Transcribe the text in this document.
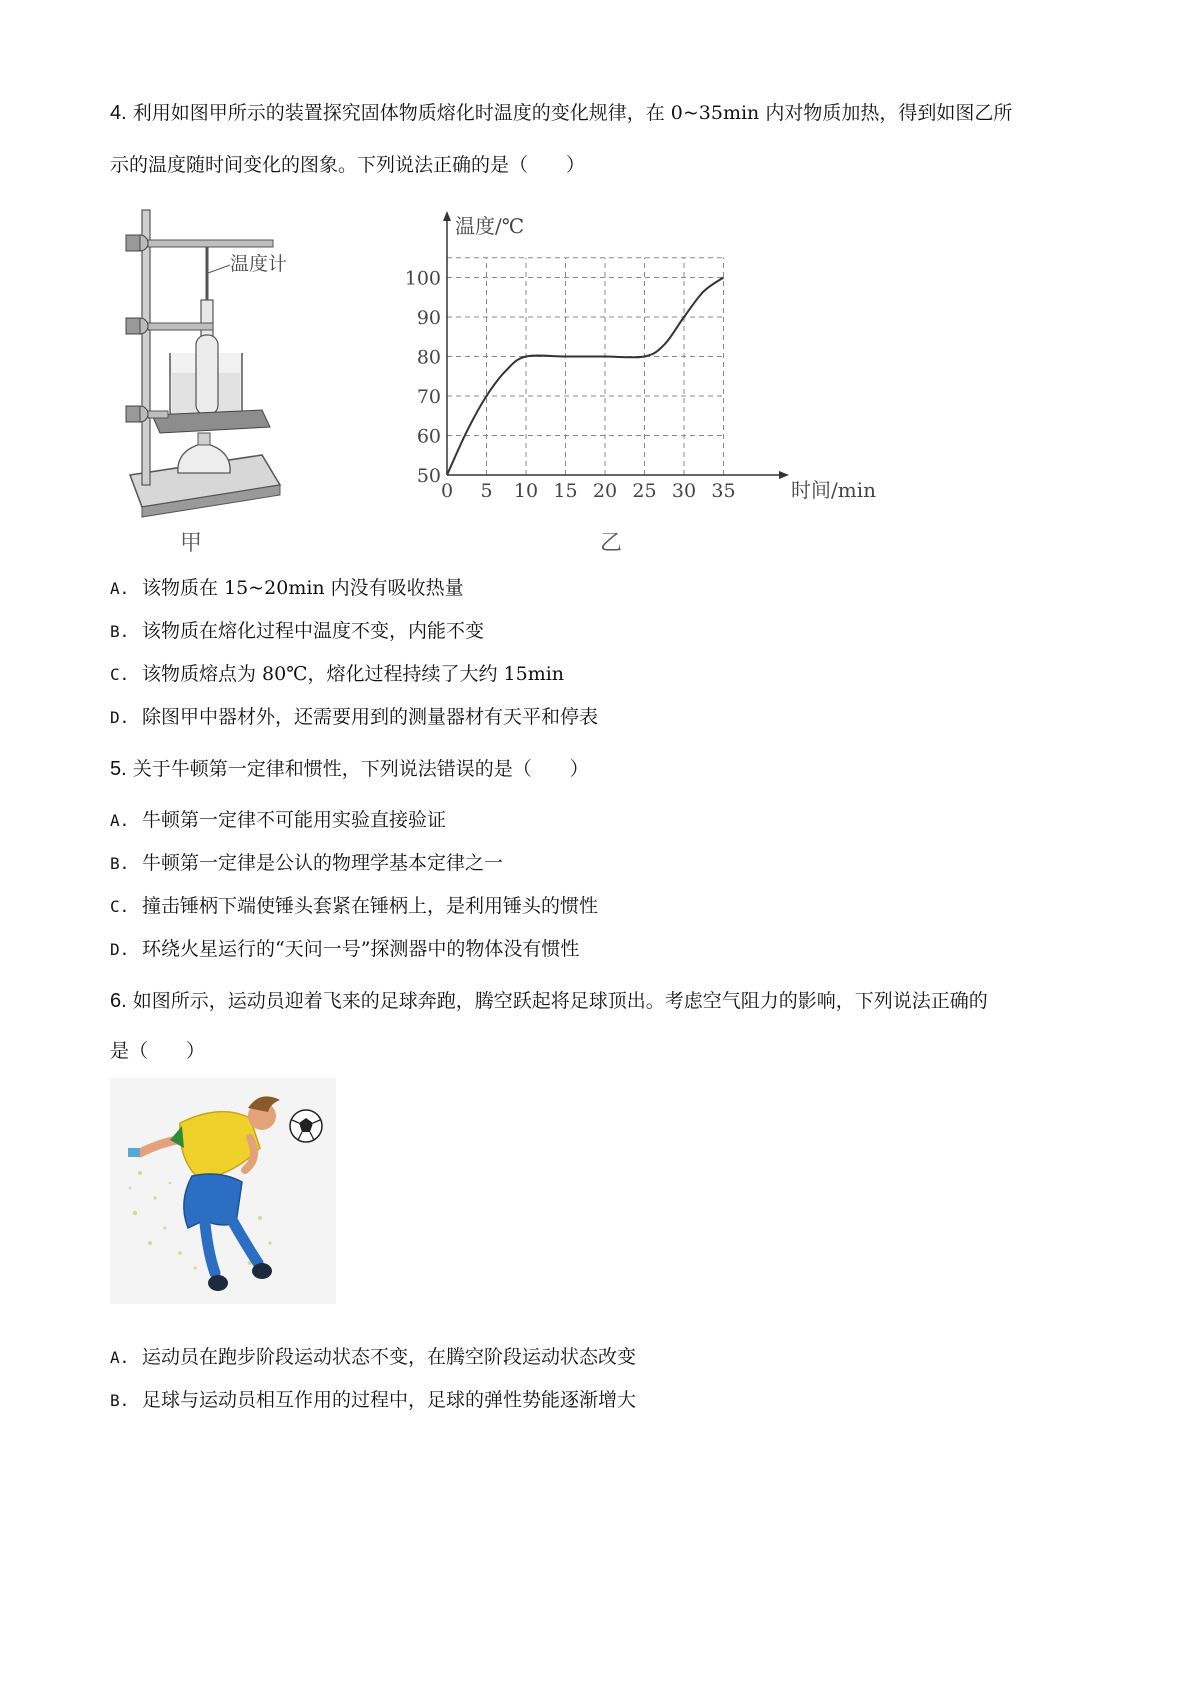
4. 利用如图甲所示的装置探究固体物质熔化时温度的变化规律，在 0~35min 内对物质加热，得到如图乙所
示的温度随时间变化的图象。下列说法正确的是（　　）
温度计
甲
0 5 10 15 20 25 30 35
50
60
70
80
90
100
时间/min
温度/℃
乙
A. 该物质在 15~20min 内没有吸收热量
B. 该物质在熔化过程中温度不变，内能不变
C. 该物质熔点为 80℃，熔化过程持续了大约 15min
D. 除图甲中器材外，还需要用到的测量器材有天平和停表
5. 关于牛顿第一定律和惯性，下列说法错误的是（　　）
A. 牛顿第一定律不可能用实验直接验证
B. 牛顿第一定律是公认的物理学基本定律之一
C. 撞击锤柄下端使锤头套紧在锤柄上，是利用锤头的惯性
D. 环绕火星运行的“天问一号”探测器中的物体没有惯性
6. 如图所示，运动员迎着飞来的足球奔跑，腾空跃起将足球顶出。考虑空气阻力的影响，下列说法正确的
是（　　）
A. 运动员在跑步阶段运动状态不变，在腾空阶段运动状态改变
B. 足球与运动员相互作用的过程中，足球的弹性势能逐渐增大
